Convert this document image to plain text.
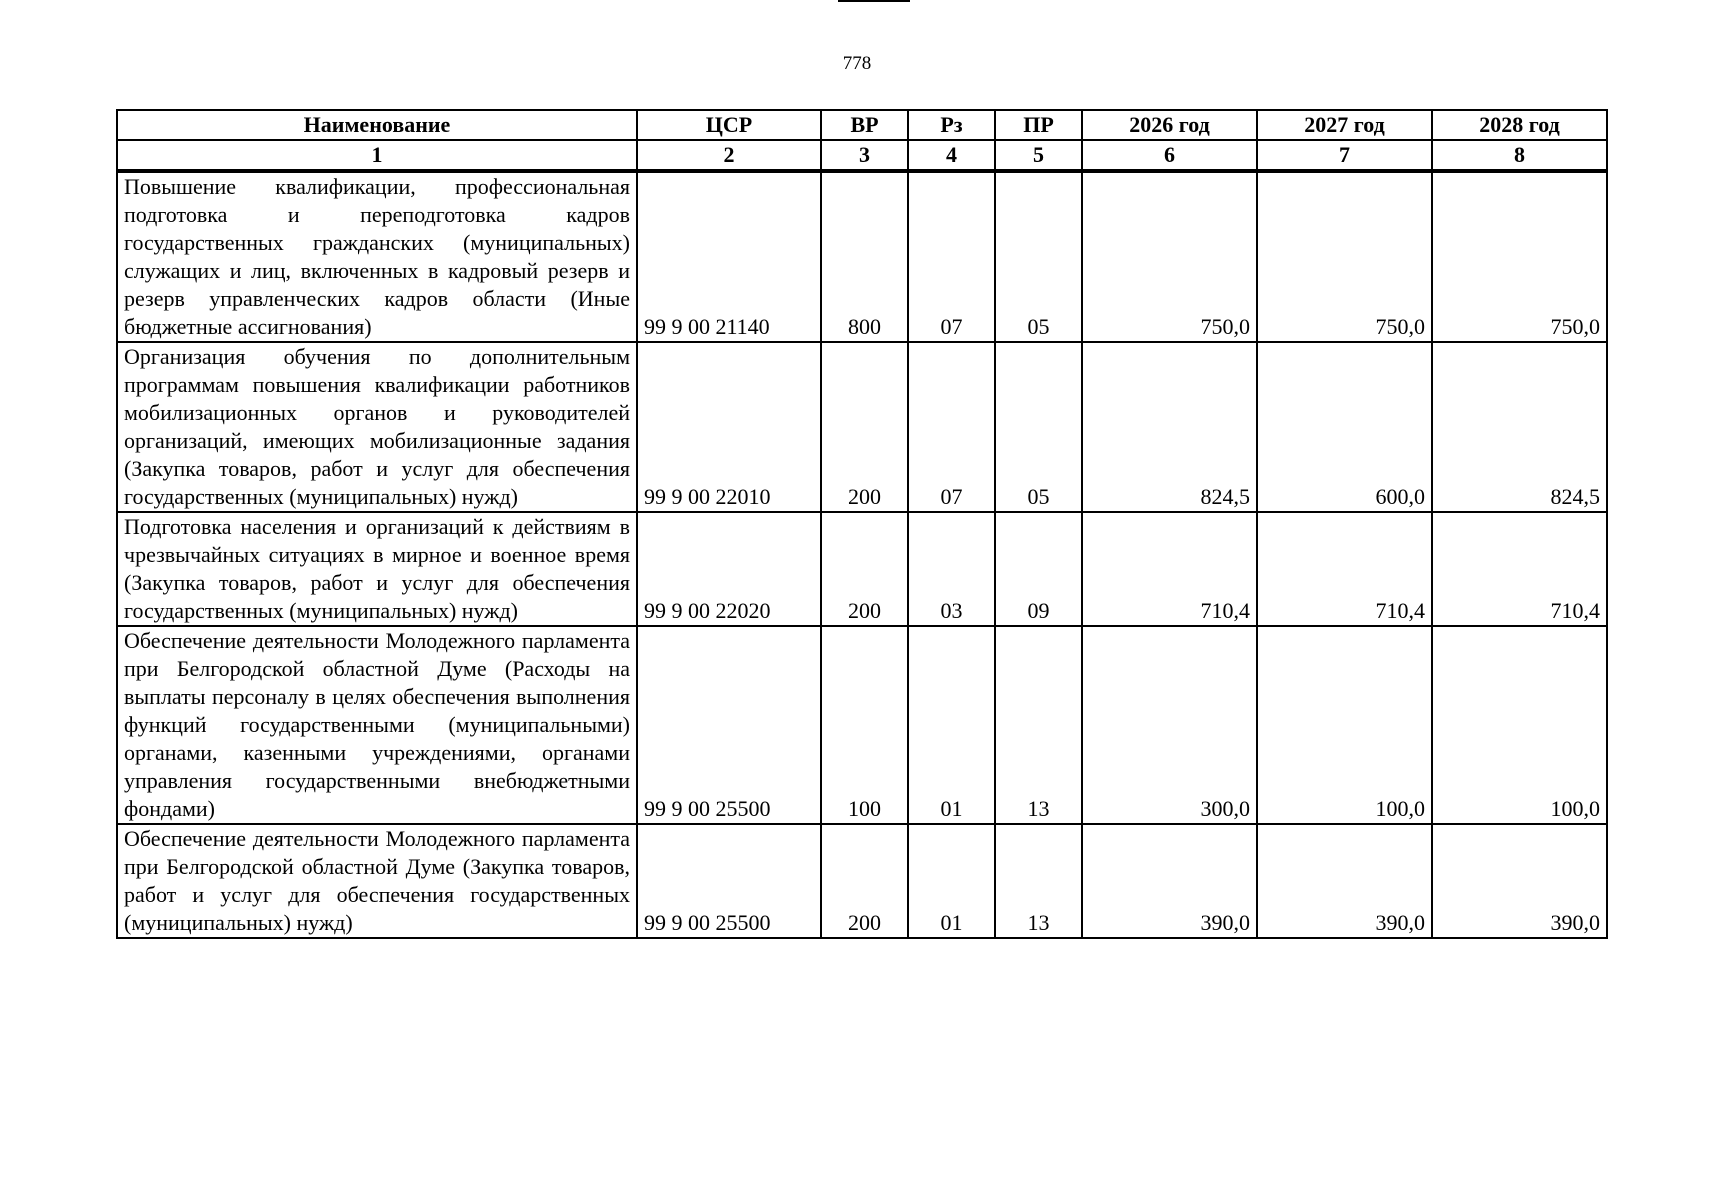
778
Наименование	ЦСР	ВР	Рз	ПР	2026 год	2027 год	2028 год
1	2	3	4	5	6	7	8
Повышение квалификации, профессиональная подготовка и переподготовка кадров государственных гражданских (муниципальных) служащих и лиц, включенных в кадровый резерв и резерв управленческих кадров области (Иные бюджетные ассигнования)	99 9 00 21140	800	07	05	750,0	750,0	750,0
Организация обучения по дополнительным программам повышения квалификации работников мобилизационных органов и руководителей организаций, имеющих мобилизационные задания (Закупка товаров, работ и услуг для обеспечения государственных (муниципальных) нужд)	99 9 00 22010	200	07	05	824,5	600,0	824,5
Подготовка населения и организаций к действиям в чрезвычайных ситуациях в мирное и военное время (Закупка товаров, работ и услуг для обеспечения государственных (муниципальных) нужд)	99 9 00 22020	200	03	09	710,4	710,4	710,4
Обеспечение деятельности Молодежного парламента при Белгородской областной Думе (Расходы на выплаты персоналу в целях обеспечения выполнения функций государственными (муниципальными) органами, казенными учреждениями, органами управления государственными внебюджетными фондами)	99 9 00 25500	100	01	13	300,0	100,0	100,0
Обеспечение деятельности Молодежного парламента при Белгородской областной Думе (Закупка товаров, работ и услуг для обеспечения государственных (муниципальных) нужд)	99 9 00 25500	200	01	13	390,0	390,0	390,0
